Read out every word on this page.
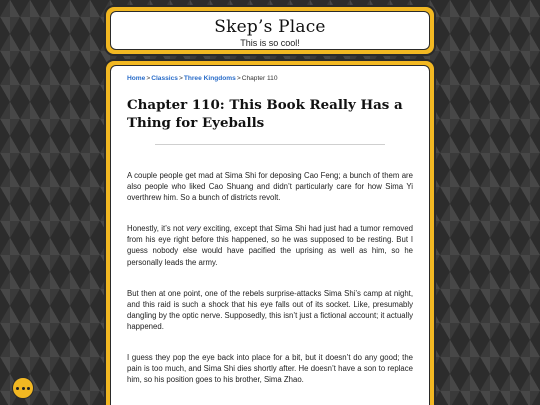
Skep’s Place
This is so cool!
Home>Classics>Three Kingdoms>Chapter 110
Chapter 110: This Book Really Has a Thing for Eyeballs

A couple people get mad at Sima Shi for deposing Cao Feng; a bunch of them are also people who liked Cao Shuang and didn’t particularly care for how Sima Yi overthrew him. So a bunch of districts revolt.

Honestly, it’s not very exciting, except that Sima Shi had just had a tumor removed from his eye right before this happened, so he was supposed to be resting. But I guess nobody else would have pacified the uprising as well as him, so he personally leads the army.

But then at one point, one of the rebels surprise-attacks Sima Shi’s camp at night, and this raid is such a shock that his eye falls out of its socket. Like, presumably dangling by the optic nerve. Supposedly, this isn’t just a fictional account; it actually happened.

I guess they pop the eye back into place for a bit, but it doesn’t do any good; the pain is too much, and Sima Shi dies shortly after. He doesn’t have a son to replace him, so his position goes to his brother, Sima Zhao.
